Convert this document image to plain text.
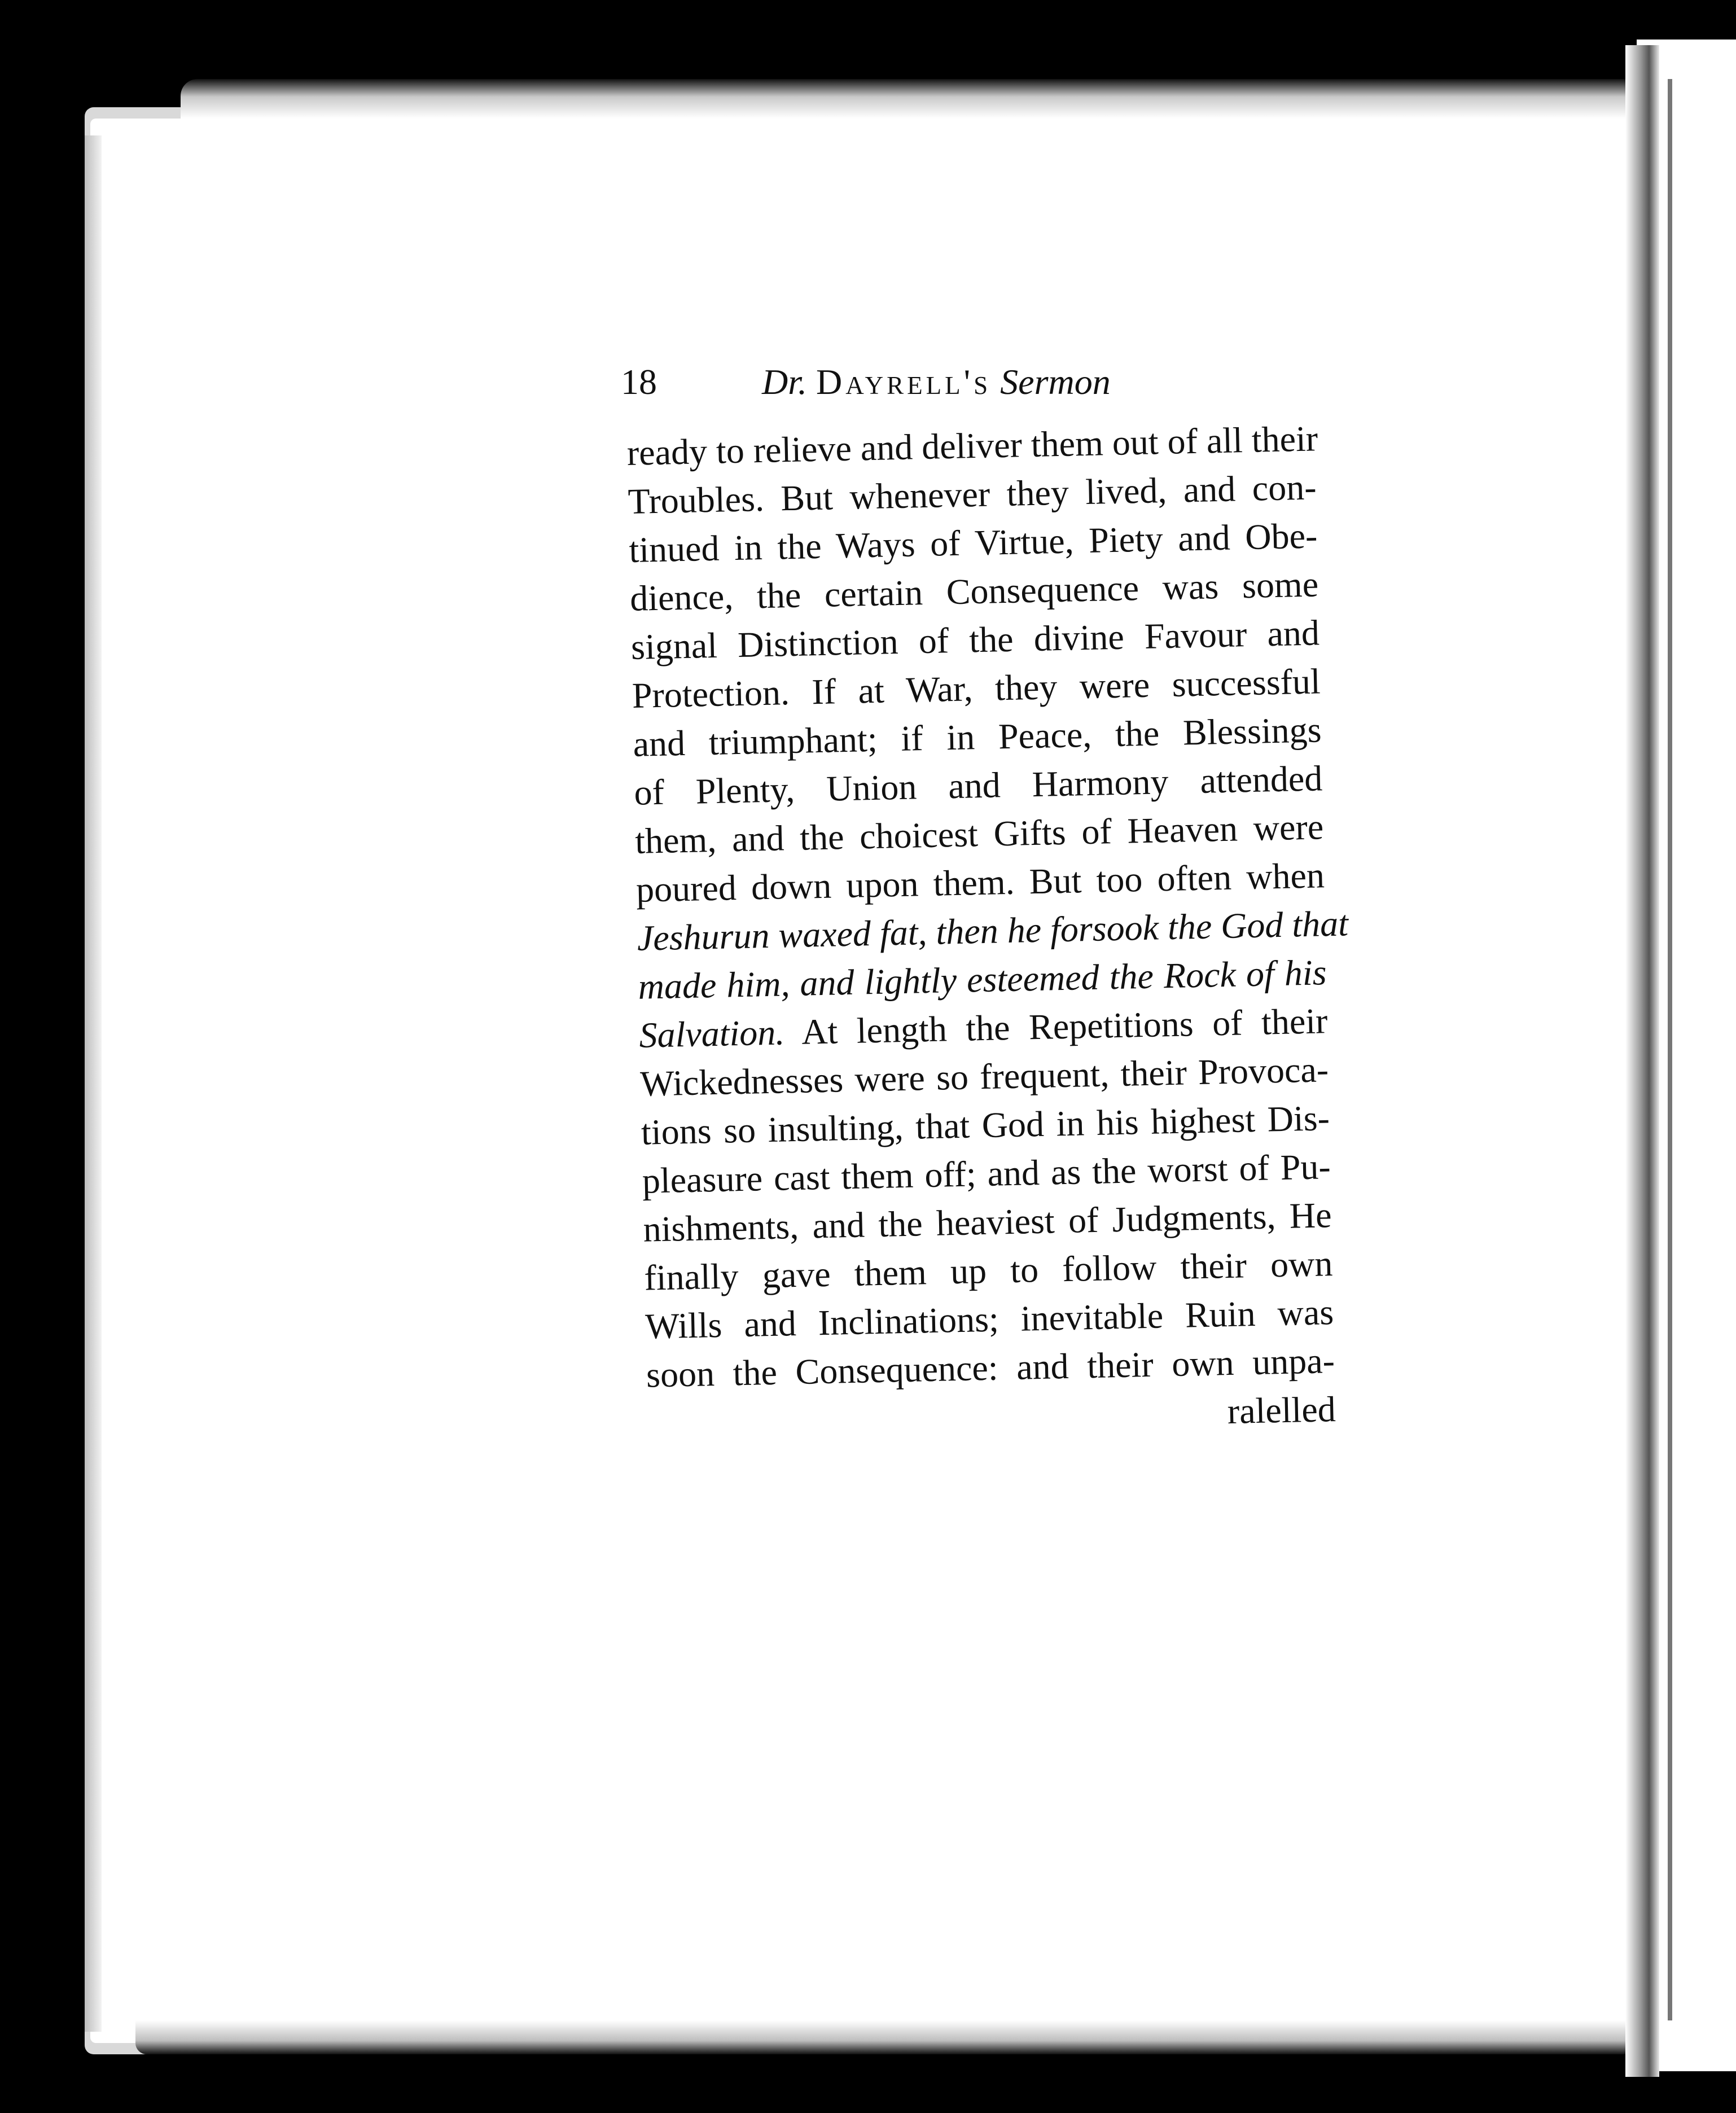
18	Dr. Dayrell's Sermon
ready to relieve and deliver them out of all their
Troubles. But whenever they lived, and con-
tinued in the Ways of Virtue, Piety and Obe-
dience, the certain Consequence was some
signal Distinction of the divine Favour and
Protection. If at War, they were successful
and triumphant; if in Peace, the Blessings
of Plenty, Union and Harmony attended
them, and the choicest Gifts of Heaven were
poured down upon them. But too often when
Jeshurun waxed fat, then he forsook the God that
made him, and lightly esteemed the Rock of his
Salvation. At length the Repetitions of their
Wickednesses were so frequent, their Provoca-
tions so insulting, that God in his highest Dis-
pleasure cast them off; and as the worst of Pu-
nishments, and the heaviest of Judgments, He
finally gave them up to follow their own
Wills and Inclinations; inevitable Ruin was
soon the Consequence: and their own unpa-
ralelled
